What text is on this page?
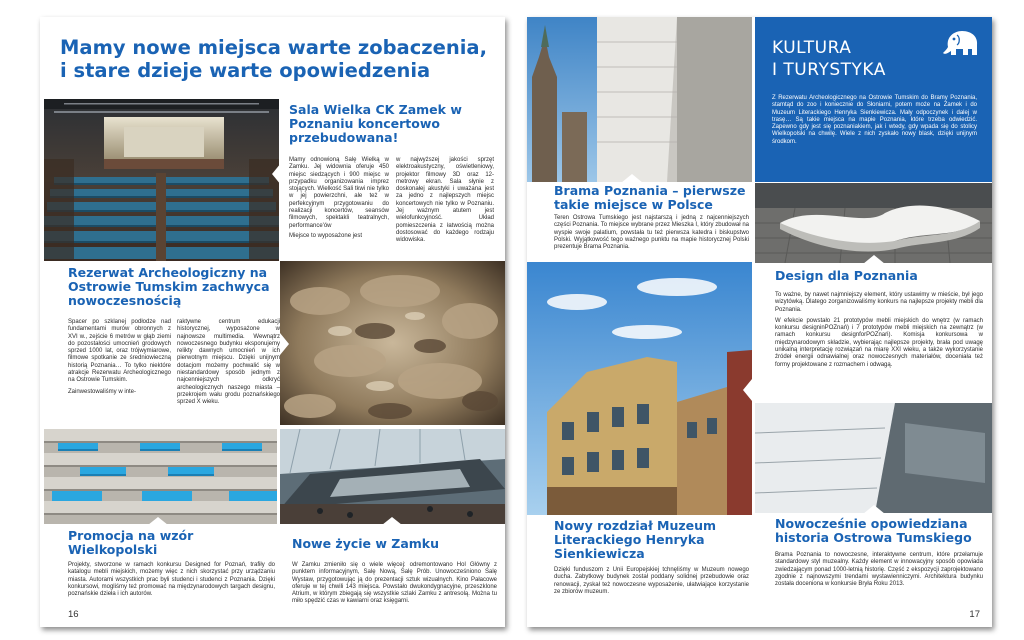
Mamy nowe miejsca warte zobaczenia,
i stare dzieje warte opowiedzenia
Sala Wielka CK Zamek w Poznaniu koncertowo przebudowana!
Mamy odnowioną Salę Wielką w Zamku. Jej widownia oferuje 450 miejsc siedzących i 900 miejsc w przypadku organizowania imprez stojących. Wielkość Sali tkwi nie tylko w jej powierzchni, ale też w perfekcyjnym przygotowaniu do realizacji koncertów, seansów filmowych, spektakli teatralnych, performance'ów
Miejsce to wyposażone jest
w najwyższej jakości sprzęt elektroakustyczny, oświetleniowy, projektor filmowy 3D oraz 12-metrowy ekran. Sala słynie z doskonałej akustyki i uważana jest za jedno z najlepszych miejsc koncertowych nie tylko w Poznaniu. Jej ważnym atutem jest wielofunkcyjność. Układ pomieszczenia z łatwością można dostosować do każdego rodzaju widowiska.
Rezerwat Archeologiczny na Ostrowie Tumskim zachwyca nowoczesnością
Spacer po szklanej podłodze nad fundamentami murów obronnych z XVI w., zejście 6 metrów w głąb ziemi do pozostałości umocnień grodowych sprzed 1000 lat, oraz trójwymiarowe, filmowe spotkanie ze średniowieczną historią Poznania… To tylko niektóre atrakcje Rezerwatu Archeologicznego na Ostrowie Tumskim.
Zainwestowaliśmy w inte-
raktywne centrum edukacji historycznej, wyposażone w najnowsze multimedia. Wewnątrz nowoczesnego budynku eksponujemy relikty dawnych umocnień w ich pierwotnym miejscu. Dzięki unijnym dotacjom możemy pochwalić się w niestandardowy sposób jednym z najcenniejszych odkryć archeologicznych naszego miasta – przekrojem wału grodu poznańskiego sprzed X wieku.
Promocja na wzór Wielkopolski
Projekty, stworzone w ramach konkursu Designed for Poznań, trafiły do katalogu mebli miejskich, możemy więc z nich skorzystać przy urządzaniu miasta. Autorami wszystkich prac byli studenci i studenci z Poznania. Dzięki konkursowi, mogliśmy też promować na międzynarodowych targach designu, poznańskie dzieła i ich autorów.
Nowe życie w Zamku
W Zamku zmieniło się o wiele więcej: odremontowano Hol Główny z punktem informacyjnym, Salę Nową, Salę Prób. Unowocześniono Salę Wystaw, przygotowując ją do prezentacji sztuk wizualnych. Kino Pałacowe oferuje w tej chwili 143 miejsca. Powstało dwukondygnacyjne, przeszklone Atrium, w którym zbiegają się wszystkie szlaki Zamku z antresolą. Można tu miło spędzić czas w kawiarni oraz księgarni.
16
KULTURA
I TURYSTYKA
Z Rezerwatu Archeologicznego na Ostrowie Tumskim do Bramy Poznania, stamtąd do zoo i koniecznie do Słoniarni, potem może na Zamek i do Muzeum Literackiego Henryka Sienkiewicza. Mały odpoczynek i dalej w trasę… Są takie miejsca na mapie Poznania, które trzeba odwiedzić. Zapewno gdy jest się poznaniakiem, jak i wtedy, gdy wpada się do stolicy Wielkopolski na chwilę. Wiele z nich zyskało nowy blask, dzięki unijnym środkom.
Brama Poznania – pierwsze takie miejsce w Polsce
Teren Ostrowa Tumskiego jest najstarszą i jedną z najcenniejszych części Poznania. To miejsce wybrane przez Mieszka I, który zbudował na wyspie swoje palatium, powstała tu też pierwsza katedra i biskupstwo Polski. Wyjątkowość tego ważnego punktu na mapie historycznej Polski prezentuje Brama Poznania.
Design dla Poznania
To ważne, by nawet najmniejszy element, który ustawimy w mieście, był jego wizytówką. Dlatego zorganizowaliśmy konkurs na najlepsze projekty mebli dla Poznania.
W efekcie powstało 21 prototypów mebli miejskich do wnętrz (w ramach konkursu designinPOZnań) i 7 prototypów mebli miejskich na zewnątrz (w ramach konkursu designforPOZnań). Komisja konkursowa w międzynarodowym składzie, wybierając najlepsze projekty, brała pod uwagę unikalną interpretację rozwiązań na miarę XXI wieku, a także wykorzystanie źródeł energii odnawialnej oraz nowoczesnych materiałów, doceniała też formy projektowane z rozmachem i odwagą.
Nowy rozdział Muzeum Literackiego Henryka Sienkiewicza
Dzięki funduszom z Unii Europejskiej tchnęliśmy w Muzeum nowego ducha. Zabytkowy budynek został poddany solidnej przebudowie oraz renowacji, zyskał też nowoczesne wyposażenie, ułatwiające korzystanie ze zbiorów muzeum.
Nowocześnie opowiedziana historia Ostrowa Tumskiego
Brama Poznania to nowoczesne, interaktywne centrum, które przełamuje standardowy styl muzealny. Każdy element w innowacyjny sposób opowiada zwiedzającym ponad 1000-letnią historię. Część z ekspozycji zaprojektowano zgodnie z najnowszymi trendami wystawienniczymi. Architektura budynku została doceniona w konkursie Bryła Roku 2013.
17
